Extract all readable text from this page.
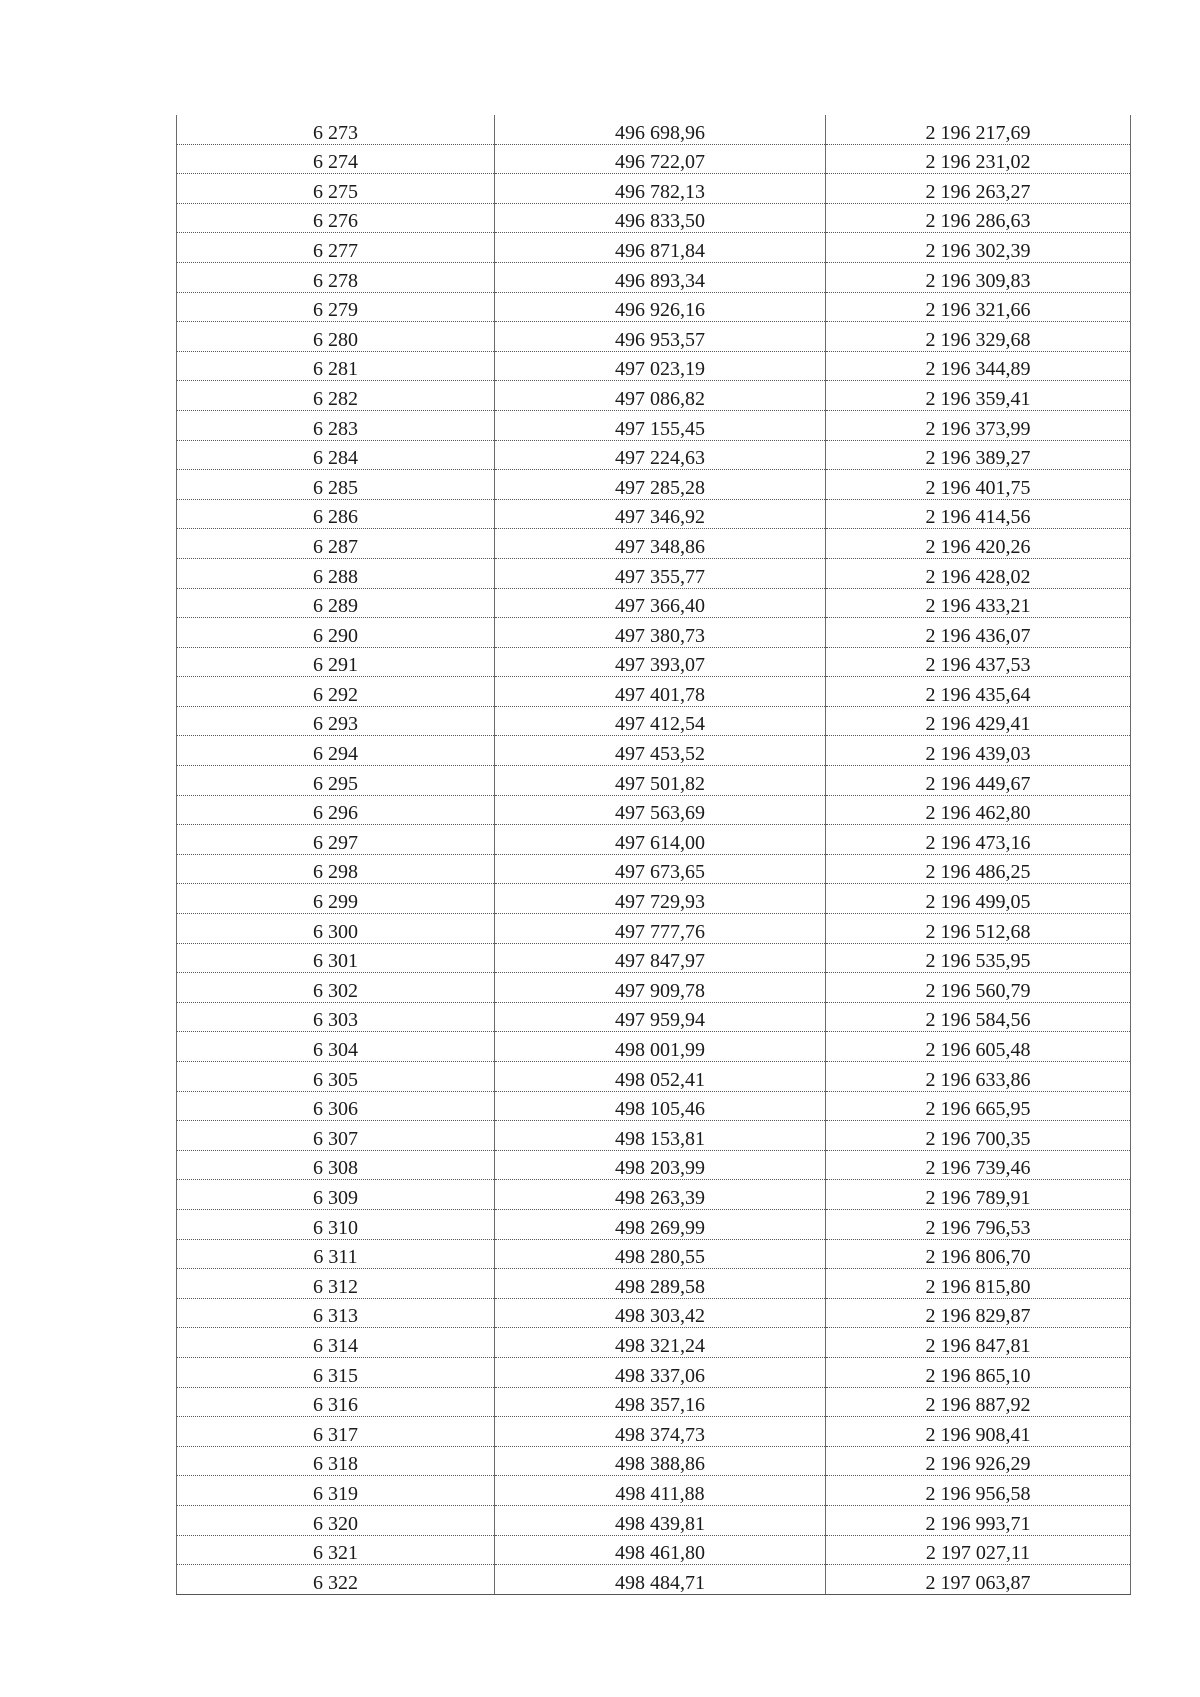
6 273	496 698,96	2 196 217,69
6 274	496 722,07	2 196 231,02
6 275	496 782,13	2 196 263,27
6 276	496 833,50	2 196 286,63
6 277	496 871,84	2 196 302,39
6 278	496 893,34	2 196 309,83
6 279	496 926,16	2 196 321,66
6 280	496 953,57	2 196 329,68
6 281	497 023,19	2 196 344,89
6 282	497 086,82	2 196 359,41
6 283	497 155,45	2 196 373,99
6 284	497 224,63	2 196 389,27
6 285	497 285,28	2 196 401,75
6 286	497 346,92	2 196 414,56
6 287	497 348,86	2 196 420,26
6 288	497 355,77	2 196 428,02
6 289	497 366,40	2 196 433,21
6 290	497 380,73	2 196 436,07
6 291	497 393,07	2 196 437,53
6 292	497 401,78	2 196 435,64
6 293	497 412,54	2 196 429,41
6 294	497 453,52	2 196 439,03
6 295	497 501,82	2 196 449,67
6 296	497 563,69	2 196 462,80
6 297	497 614,00	2 196 473,16
6 298	497 673,65	2 196 486,25
6 299	497 729,93	2 196 499,05
6 300	497 777,76	2 196 512,68
6 301	497 847,97	2 196 535,95
6 302	497 909,78	2 196 560,79
6 303	497 959,94	2 196 584,56
6 304	498 001,99	2 196 605,48
6 305	498 052,41	2 196 633,86
6 306	498 105,46	2 196 665,95
6 307	498 153,81	2 196 700,35
6 308	498 203,99	2 196 739,46
6 309	498 263,39	2 196 789,91
6 310	498 269,99	2 196 796,53
6 311	498 280,55	2 196 806,70
6 312	498 289,58	2 196 815,80
6 313	498 303,42	2 196 829,87
6 314	498 321,24	2 196 847,81
6 315	498 337,06	2 196 865,10
6 316	498 357,16	2 196 887,92
6 317	498 374,73	2 196 908,41
6 318	498 388,86	2 196 926,29
6 319	498 411,88	2 196 956,58
6 320	498 439,81	2 196 993,71
6 321	498 461,80	2 197 027,11
6 322	498 484,71	2 197 063,87
